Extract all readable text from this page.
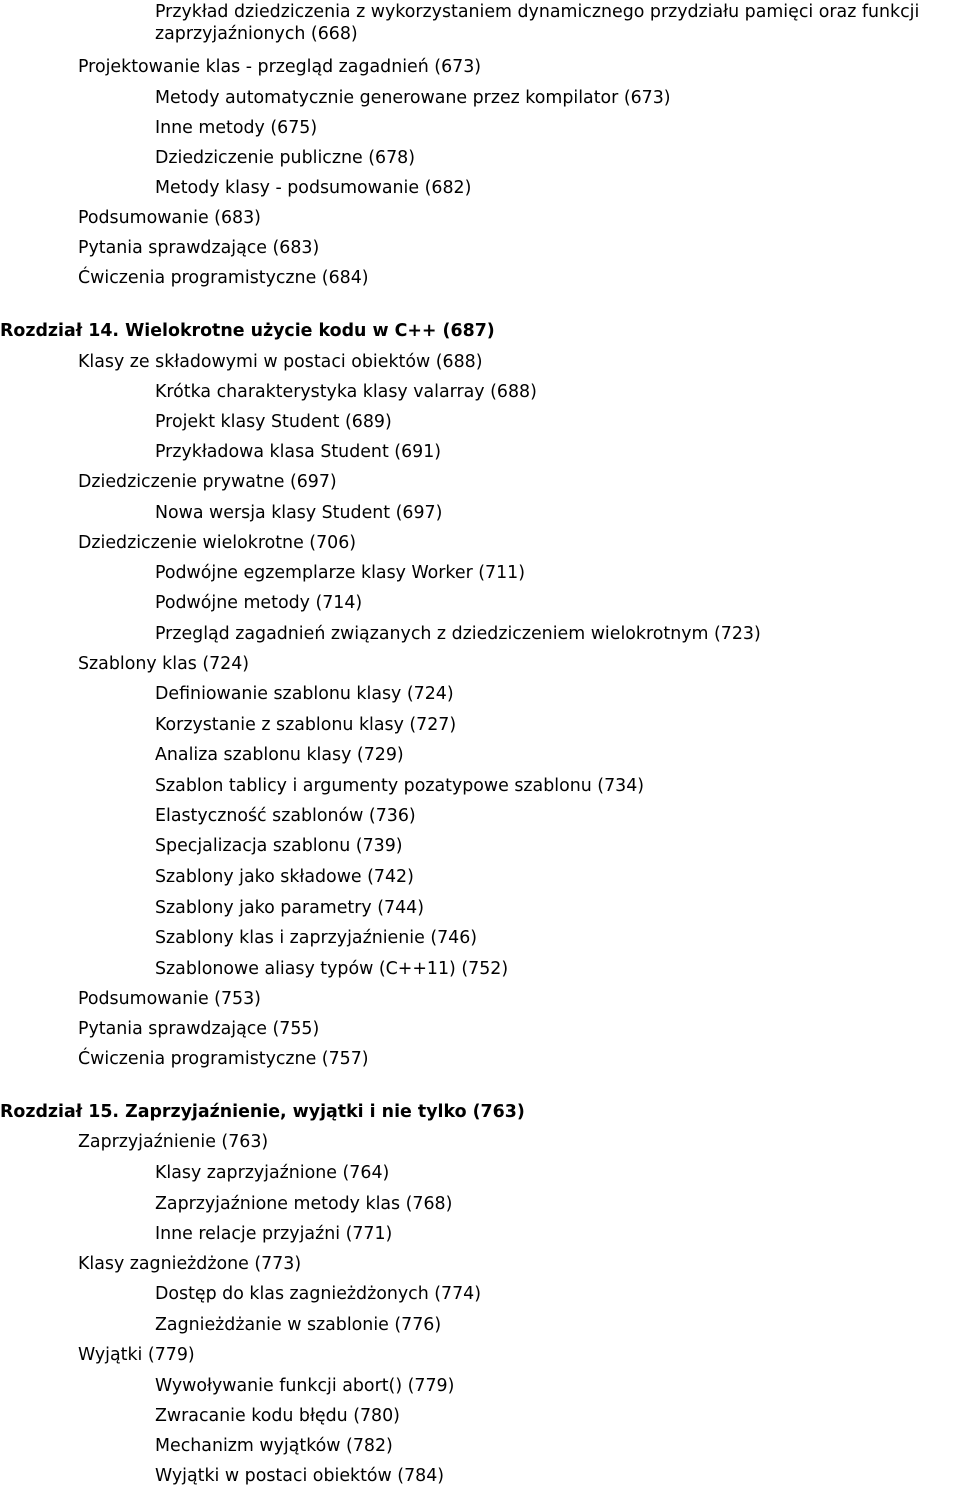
Przykład dziedziczenia z wykorzystaniem dynamicznego przydziału pamięci oraz funkcji
zaprzyjaźnionych (668)
Projektowanie klas - przegląd zagadnień (673)
Metody automatycznie generowane przez kompilator (673)
Inne metody (675)
Dziedziczenie publiczne (678)
Metody klasy - podsumowanie (682)
Podsumowanie (683)
Pytania sprawdzające (683)
Ćwiczenia programistyczne (684)
Rozdział 14. Wielokrotne użycie kodu w C++ (687)
Klasy ze składowymi w postaci obiektów (688)
Krótka charakterystyka klasy valarray (688)
Projekt klasy Student (689)
Przykładowa klasa Student (691)
Dziedziczenie prywatne (697)
Nowa wersja klasy Student (697)
Dziedziczenie wielokrotne (706)
Podwójne egzemplarze klasy Worker (711)
Podwójne metody (714)
Przegląd zagadnień związanych z dziedziczeniem wielokrotnym (723)
Szablony klas (724)
Definiowanie szablonu klasy (724)
Korzystanie z szablonu klasy (727)
Analiza szablonu klasy (729)
Szablon tablicy i argumenty pozatypowe szablonu (734)
Elastyczność szablonów (736)
Specjalizacja szablonu (739)
Szablony jako składowe (742)
Szablony jako parametry (744)
Szablony klas i zaprzyjaźnienie (746)
Szablonowe aliasy typów (C++11) (752)
Podsumowanie (753)
Pytania sprawdzające (755)
Ćwiczenia programistyczne (757)
Rozdział 15. Zaprzyjaźnienie, wyjątki i nie tylko (763)
Zaprzyjaźnienie (763)
Klasy zaprzyjaźnione (764)
Zaprzyjaźnione metody klas (768)
Inne relacje przyjaźni (771)
Klasy zagnieżdżone (773)
Dostęp do klas zagnieżdżonych (774)
Zagnieżdżanie w szablonie (776)
Wyjątki (779)
Wywoływanie funkcji abort() (779)
Zwracanie kodu błędu (780)
Mechanizm wyjątków (782)
Wyjątki w postaci obiektów (784)
